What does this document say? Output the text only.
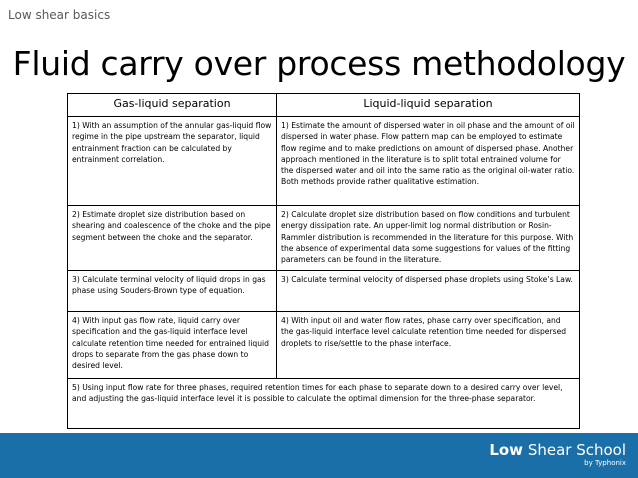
Low shear basics
Fluid carry over process methodology
Gas-liquid separation	Liquid-liquid separation
1) With an assumption of the annular gas-liquid flow regime in the pipe upstream the separator, liquid entrainment fraction can be calculated by entrainment correlation.	1) Estimate the amount of dispersed water in oil phase and the amount of oil dispersed in water phase. Flow pattern map can be employed to estimate flow regime and to make predictions on amount of dispersed phase. Another approach mentioned in the literature is to split total entrained volume for the dispersed water and oil into the same ratio as the original oil-water ratio. Both methods provide rather qualitative estimation.
2) Estimate droplet size distribution based on shearing and coalescence of the choke and the pipe segment between the choke and the separator.	2) Calculate droplet size distribution based on flow conditions and turbulent energy dissipation rate. An upper-limit log normal distribution or Rosin-Rammler distribution is recommended in the literature for this purpose. With the absence of experimental data some suggestions for values of the fitting parameters can be found in the literature.
3) Calculate terminal velocity of liquid drops in gas phase using Souders-Brown type of equation.	3) Calculate terminal velocity of dispersed phase droplets using Stoke’s Law.
4) With input gas flow rate, liquid carry over specification and the gas-liquid interface level calculate retention time needed for entrained liquid drops to separate from the gas phase down to desired level.	4) With input oil and water flow rates, phase carry over specification, and the gas-liquid interface level calculate retention time needed for dispersed droplets to rise/settle to the phase interface.
5) Using input flow rate for three phases, required retention times for each phase to separate down to a desired carry over level, and adjusting the gas-liquid interface level it is possible to calculate the optimal dimension for the three-phase separator.	
Low Shear School
by Typhonix
